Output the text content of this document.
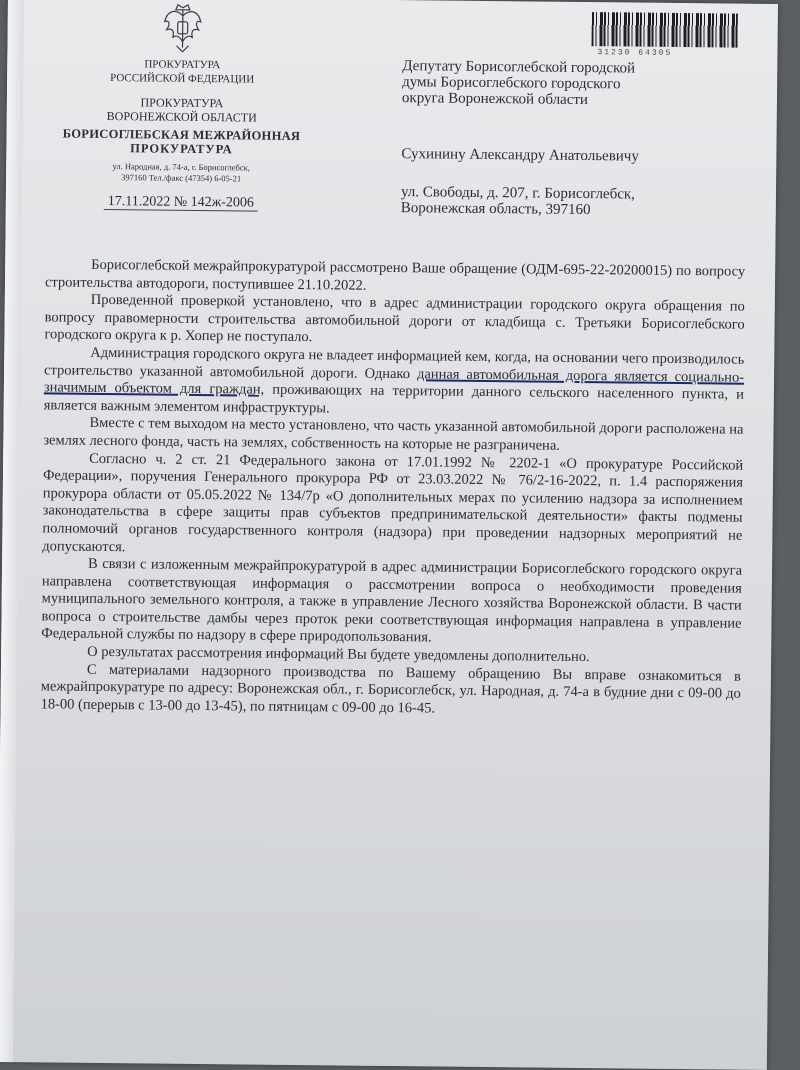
ПРОКУРАТУРА
РОССИЙСКОЙ ФЕДЕРАЦИИ
ПРОКУРАТУРА
ВОРОНЕЖСКОЙ ОБЛАСТИ
БОРИСОГЛЕБСКАЯ МЕЖРАЙОННАЯ
ПРОКУРАТУРА
ул. Народная, д. 74-а, г. Борисоглебск,
397160 Тел./факс (47354) 6-05-21
17.11.2022 № 142ж-2006
31230 64305
Депутату Борисоглебской городской
думы Борисоглебского городского
округа Воронежской области
Сухинину Александру Анатольевичу
ул. Свободы, д. 207, г. Борисоглебск,
Воронежская область, 397160

Борисоглебской межрайпрокуратурой рассмотрено Ваше обращение (ОДМ-695-22-20200015) по вопросу строительства автодороги, поступившее 21.10.2022.

Проведенной проверкой установлено, что в адрес администрации городского округа обращения по вопросу правомерности строительства автомобильной дороги от кладбища с. Третьяки Борисоглебского городского округа к р. Хопер не поступало.

Администрация городского округа не владеет информацией кем, когда, на основании чего производилось строительство указанной автомобильной дороги. Однако данная автомобильная дорога является социально- значимым объектом для граждан, проживающих на территории данного сельского населенного пункта, и является важным элементом инфраструктуры.

Вместе с тем выходом на место установлено, что часть указанной автомобильной дороги расположена на землях лесного фонда, часть на землях, собственность на которые не разграничена.

Согласно ч. 2 ст. 21 Федерального закона от 17.01.1992 № 2202-1 «О прокуратуре Российской Федерации», поручения Генерального прокурора РФ от 23.03.2022 № 76/2-16-2022, п. 1.4 распоряжения прокурора области от 05.05.2022 № 134/7р «О дополнительных мерах по усилению надзора за исполнением законодательства в сфере защиты прав субъектов предпринимательской деятельности» факты подмены полномочий органов государственного контроля (надзора) при проведении надзорных мероприятий не допускаются.

В связи с изложенным межрайпрокуратурой в адрес администрации Борисоглебского городского округа направлена соответствующая информация о рассмотрении вопроса о необходимости проведения муниципального земельного контроля, а также в управление Лесного хозяйства Воронежской области. В части вопроса о строительстве дамбы через проток реки соответствующая информация направлена в управление Федеральной службы по надзору в сфере природопользования.

О результатах рассмотрения информаций Вы будете уведомлены дополнительно.

С материалами надзорного производства по Вашему обращению Вы вправе ознакомиться в межрайпрокуратуре по адресу: Воронежская обл., г. Борисоглебск, ул. Народная, д. 74-а в будние дни с 09-00 до 18-00 (перерыв с 13-00 до 13-45), по пятницам с 09-00 до 16-45.
